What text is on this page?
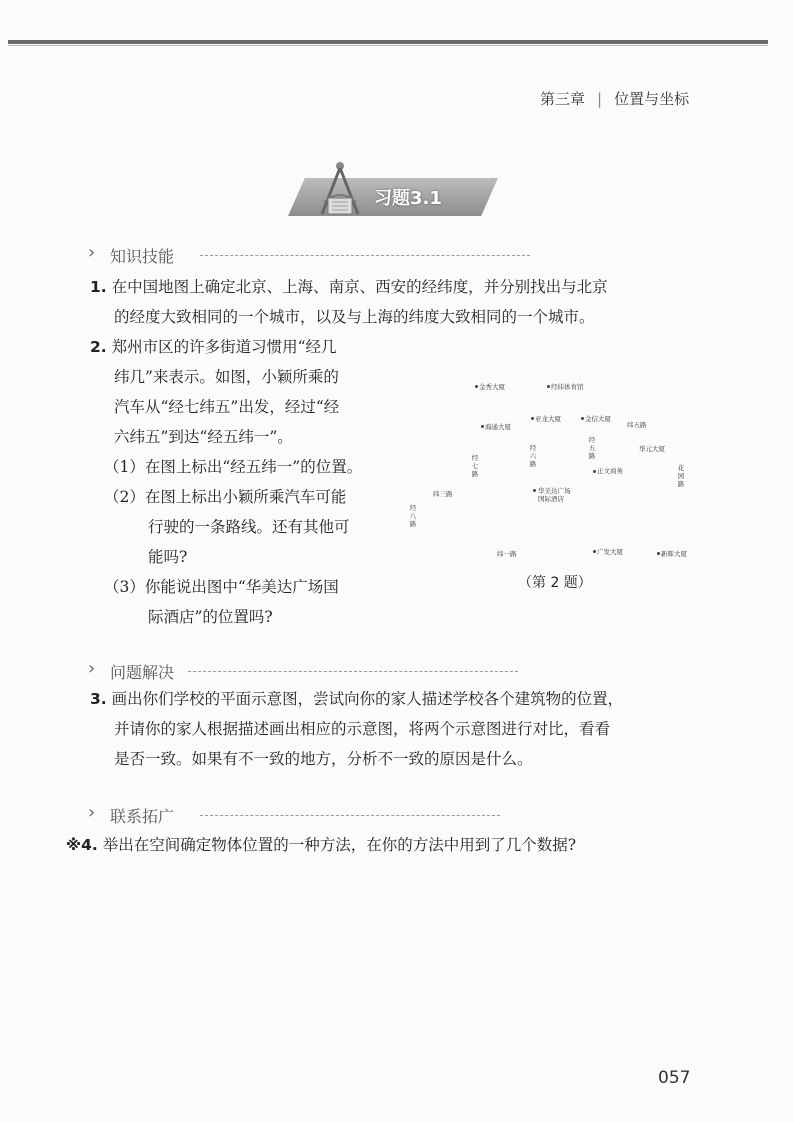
第三章 | 位置与坐标
习题3.1
› 知识技能
1. 在中国地图上确定北京、上海、南京、西安的经纬度，并分别找出与北京
的经度大致相同的一个城市，以及与上海的纬度大致相同的一个城市。
2. 郑州市区的许多街道习惯用“经几
纬几”来表示。如图，小颖所乘的
汽车从“经七纬五”出发，经过“经
六纬五”到达“经五纬一”。
（1）在图上标出“经五纬一”的位置。
（2）在图上标出小颖所乘汽车可能
行驶的一条路线。还有其他可
能吗?
（3）你能说出图中“华美达广场国
际酒店”的位置吗?
金秀大厦	经纬体育馆
亚龙大厦	金信大厦
纬五路
海通大厦
华元大厦
正文商务
纬三路	华美达广场
国际酒店
纬一路	广发大厦	新晖大厦
经七路
经六路
经五路
经八路
花园路
（第 2 题）
› 问题解决
3. 画出你们学校的平面示意图，尝试向你的家人描述学校各个建筑物的位置，
并请你的家人根据描述画出相应的示意图，将两个示意图进行对比，看看
是否一致。如果有不一致的地方，分析不一致的原因是什么。
› 联系拓广
※4. 举出在空间确定物体位置的一种方法，在你的方法中用到了几个数据?
057
